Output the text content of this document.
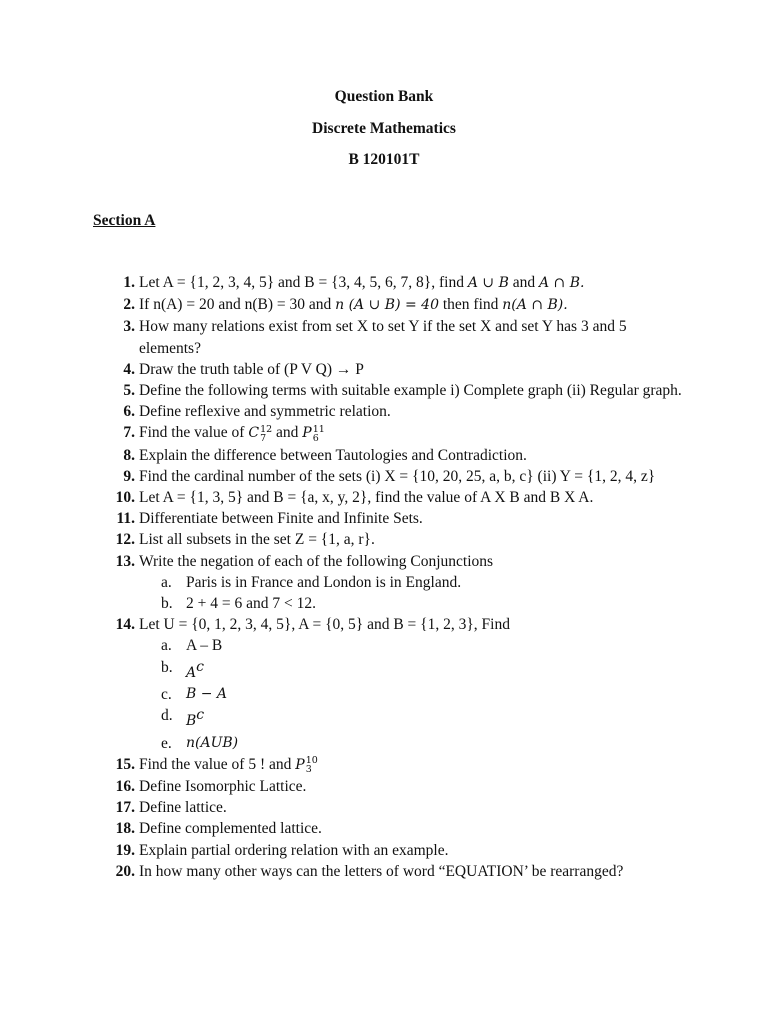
Question Bank
Discrete Mathematics
B 120101T
Section A
1. Let A = {1, 2, 3, 4, 5} and B = {3, 4, 5, 6, 7, 8}, find A ∪ B and A ∩ B.
2. If n(A) = 20 and n(B) = 30 and n (A ∪ B) = 40 then find n(A ∩ B).
3. How many relations exist from set X to set Y if the set X and set Y has 3 and 5 elements?
4. Draw the truth table of (P V Q) → P
5. Define the following terms with suitable example i) Complete graph (ii) Regular graph.
6. Define reflexive and symmetric relation.
7. Find the value of C 12
7 and P 11
6
8. Explain the difference between Tautologies and Contradiction.
9. Find the cardinal number of the sets (i) X = {10, 20, 25, a, b, c} (ii) Y = {1, 2, 4, z}
10. Let A = {1, 3, 5} and B = {a, x, y, 2}, find the value of A X B and B X A.
11. Differentiate between Finite and Infinite Sets.
12. List all subsets in the set Z = {1, a, r}.
13. Write the negation of each of the following Conjunctions
a. Paris is in France and London is in England.
b. 2 + 4 = 6 and 7 < 12.
14. Let U = {0, 1, 2, 3, 4, 5}, A = {0, 5} and B = {1, 2, 3}, Find
a. A – B
b. $A^c$
c.	B − A
d. $B^c$
e.	n(AUB)
15. Find the value of 5 ! and P 10
3
16. Define Isomorphic Lattice.
17. Define lattice.
18. Define complemented lattice.
19. Explain partial ordering relation with an example.
20. In how many other ways can the letters of word “EQUATION’ be rearranged?
